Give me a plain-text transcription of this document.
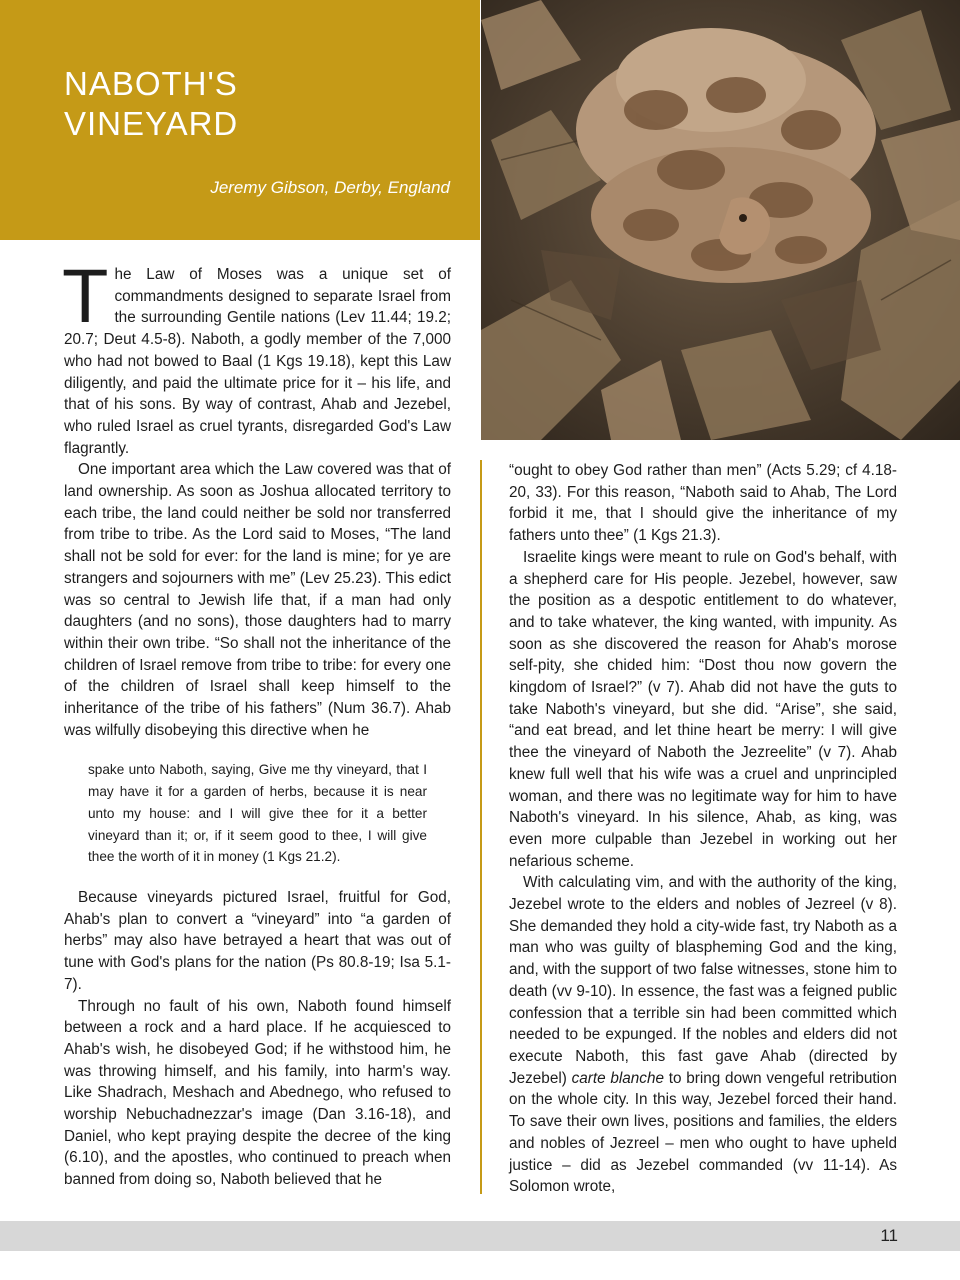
NABOTH'S VINEYARD

Jeremy Gibson, Derby, England

The Law of Moses was a unique set of commandments designed to separate Israel from the surrounding Gentile nations (Lev 11.44; 19.2; 20.7; Deut 4.5-8). Naboth, a godly member of the 7,000 who had not bowed to Baal (1 Kgs 19.18), kept this Law diligently, and paid the ultimate price for it – his life, and that of his sons. By way of contrast, Ahab and Jezebel, who ruled Israel as cruel tyrants, disregarded God's Law flagrantly.

One important area which the Law covered was that of land ownership. As soon as Joshua allocated territory to each tribe, the land could neither be sold nor transferred from tribe to tribe. As the Lord said to Moses, “The land shall not be sold for ever: for the land is mine; for ye are strangers and sojourners with me” (Lev 25.23). This edict was so central to Jewish life that, if a man had only daughters (and no sons), those daughters had to marry within their own tribe. “So shall not the inheritance of the children of Israel remove from tribe to tribe: for every one of the children of Israel shall keep himself to the inheritance of the tribe of his fathers” (Num 36.7). Ahab was wilfully disobeying this directive when he

spake unto Naboth, saying, Give me thy vineyard, that I may have it for a garden of herbs, because it is near unto my house: and I will give thee for it a better vineyard than it; or, if it seem good to thee, I will give thee the worth of it in money (1 Kgs 21.2).

Because vineyards pictured Israel, fruitful for God, Ahab's plan to convert a “vineyard” into “a garden of herbs” may also have betrayed a heart that was out of tune with God's plans for the nation (Ps 80.8-19; Isa 5.1-7).

Through no fault of his own, Naboth found himself between a rock and a hard place. If he acquiesced to Ahab's wish, he disobeyed God; if he withstood him, he was throwing himself, and his family, into harm's way. Like Shadrach, Meshach and Abednego, who refused to worship Nebuchadnezzar's image (Dan 3.16-18), and Daniel, who kept praying despite the decree of the king (6.10), and the apostles, who continued to preach when banned from doing so, Naboth believed that he

“ought to obey God rather than men” (Acts 5.29; cf 4.18-20, 33). For this reason, “Naboth said to Ahab, The Lord forbid it me, that I should give the inheritance of my fathers unto thee” (1 Kgs 21.3).

Israelite kings were meant to rule on God's behalf, with a shepherd care for His people. Jezebel, however, saw the position as a despotic entitlement to do whatever, and to take whatever, the king wanted, with impunity. As soon as she discovered the reason for Ahab's morose self-pity, she chided him: “Dost thou now govern the kingdom of Israel?” (v 7). Ahab did not have the guts to take Naboth's vineyard, but she did. “Arise”, she said, “and eat bread, and let thine heart be merry: I will give thee the vineyard of Naboth the Jezreelite” (v 7). Ahab knew full well that his wife was a cruel and unprincipled woman, and there was no legitimate way for him to have Naboth's vineyard. In his silence, Ahab, as king, was even more culpable than Jezebel in working out her nefarious scheme.

With calculating vim, and with the authority of the king, Jezebel wrote to the elders and nobles of Jezreel (v 8). She demanded they hold a city-wide fast, try Naboth as a man who was guilty of blaspheming God and the king, and, with the support of two false witnesses, stone him to death (vv 9-10). In essence, the fast was a feigned public confession that a terrible sin had been committed which needed to be expunged. If the nobles and elders did not execute Naboth, this fast gave Ahab (directed by Jezebel) carte blanche to bring down vengeful retribution on the whole city. In this way, Jezebel forced their hand. To save their own lives, positions and families, the elders and nobles of Jezreel – men who ought to have upheld justice – did as Jezebel commanded (vv 11-14). As Solomon wrote,

11
